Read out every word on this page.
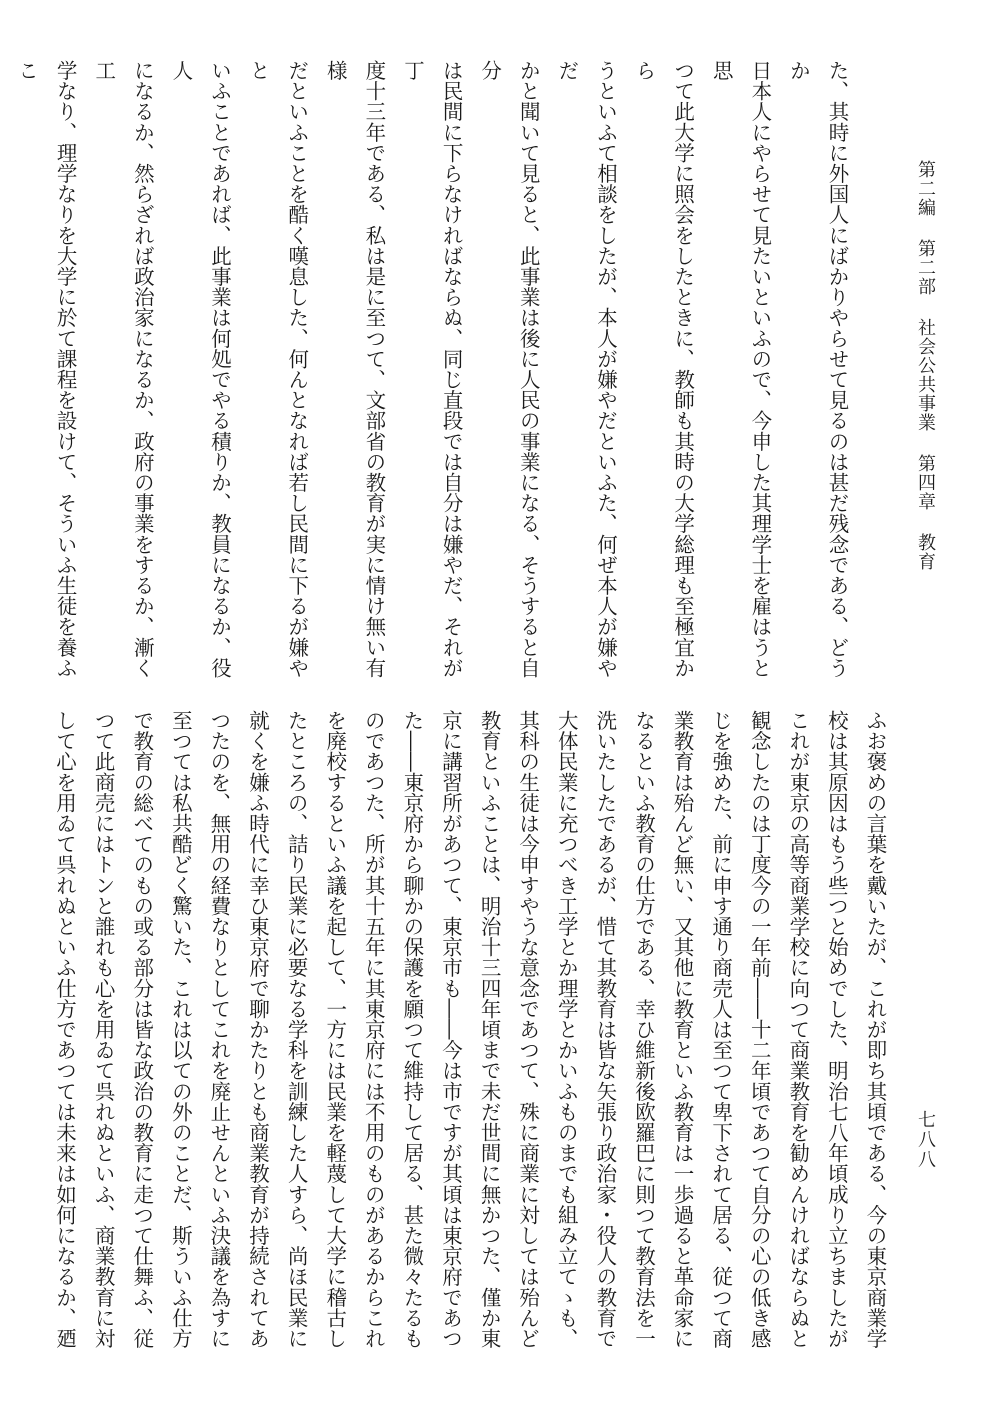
第二編第二部社会公共事業第四章教育
七八八

た、其時に外国人にばかりやらせて見るのは甚だ残念である、どうか

日本人にやらせて見たいといふので、今申した其理学士を雇はうと思

つて此大学に照会をしたときに、教師も其時の大学総理も至極宜から

うといふて相談をしたが、本人が嫌やだといふた、何ぜ本人が嫌やだ

かと聞いて見ると、此事業は後に人民の事業になる、そうすると自分

は民間に下らなければならぬ、同じ直段では自分は嫌やだ、それが丁

度十三年である、私は是に至つて、文部省の教育が実に情け無い有様

だといふことを酷く嘆息した、何んとなれば若し民間に下るが嫌やと

いふことであれば、此事業は何処でやる積りか、教員になるか、役人

になるか、然らざれば政治家になるか、政府の事業をするか、漸く工

学なり、理学なりを大学に於て課程を設けて、そういふ生徒を養ふこ

ふお褒めの言葉を戴いたが、これが即ち其頃である、今の東京商業学

校は其原因はもう些つと始めでした、明治七八年頃成り立ちましたが

これが東京の高等商業学校に向つて商業教育を勧めんければならぬと

観念したのは丁度今の一年前――十二年頃であつて自分の心の低き感

じを強めた、前に申す通り商売人は至つて卑下されて居る、従つて商

業教育は殆んど無い、又其他に教育といふ教育は一歩過ると革命家に

なるといふ教育の仕方である、幸ひ維新後欧羅巴に則つて教育法を一

洗いたしたであるが、惜て其教育は皆な矢張り政治家・役人の教育で

大体民業に充つべき工学とか理学とかいふものまでも組み立てゝも、

其科の生徒は今申すやうな意念であつて、殊に商業に対しては殆んど

教育といふことは、明治十三四年頃まで未だ世間に無かつた、僅か東

京に講習所があつて、東京市も――今は市ですが其頃は東京府であつ

た――東京府から聊かの保護を願つて維持して居る、甚た微々たるも

のであつた、所が其十五年に其東京府には不用のものがあるからこれ

を廃校するといふ議を起して、一方には民業を軽蔑して大学に稽古し

たところの、詰り民業に必要なる学科を訓練した人すら、尚ほ民業に

就くを嫌ふ時代に幸ひ東京府で聊かたりとも商業教育が持続されてあ

つたのを、無用の経費なりとしてこれを廃止せんといふ決議を為すに

至つては私共酷どく驚いた、これは以ての外のことだ、斯ういふ仕方

で教育の総べてのもの或る部分は皆な政治の教育に走つて仕舞ふ、従

つて此商売にはトンと誰れも心を用ゐて呉れぬといふ、商業教育に対

して心を用ゐて呉れぬといふ仕方であつては未来は如何になるか、廼
